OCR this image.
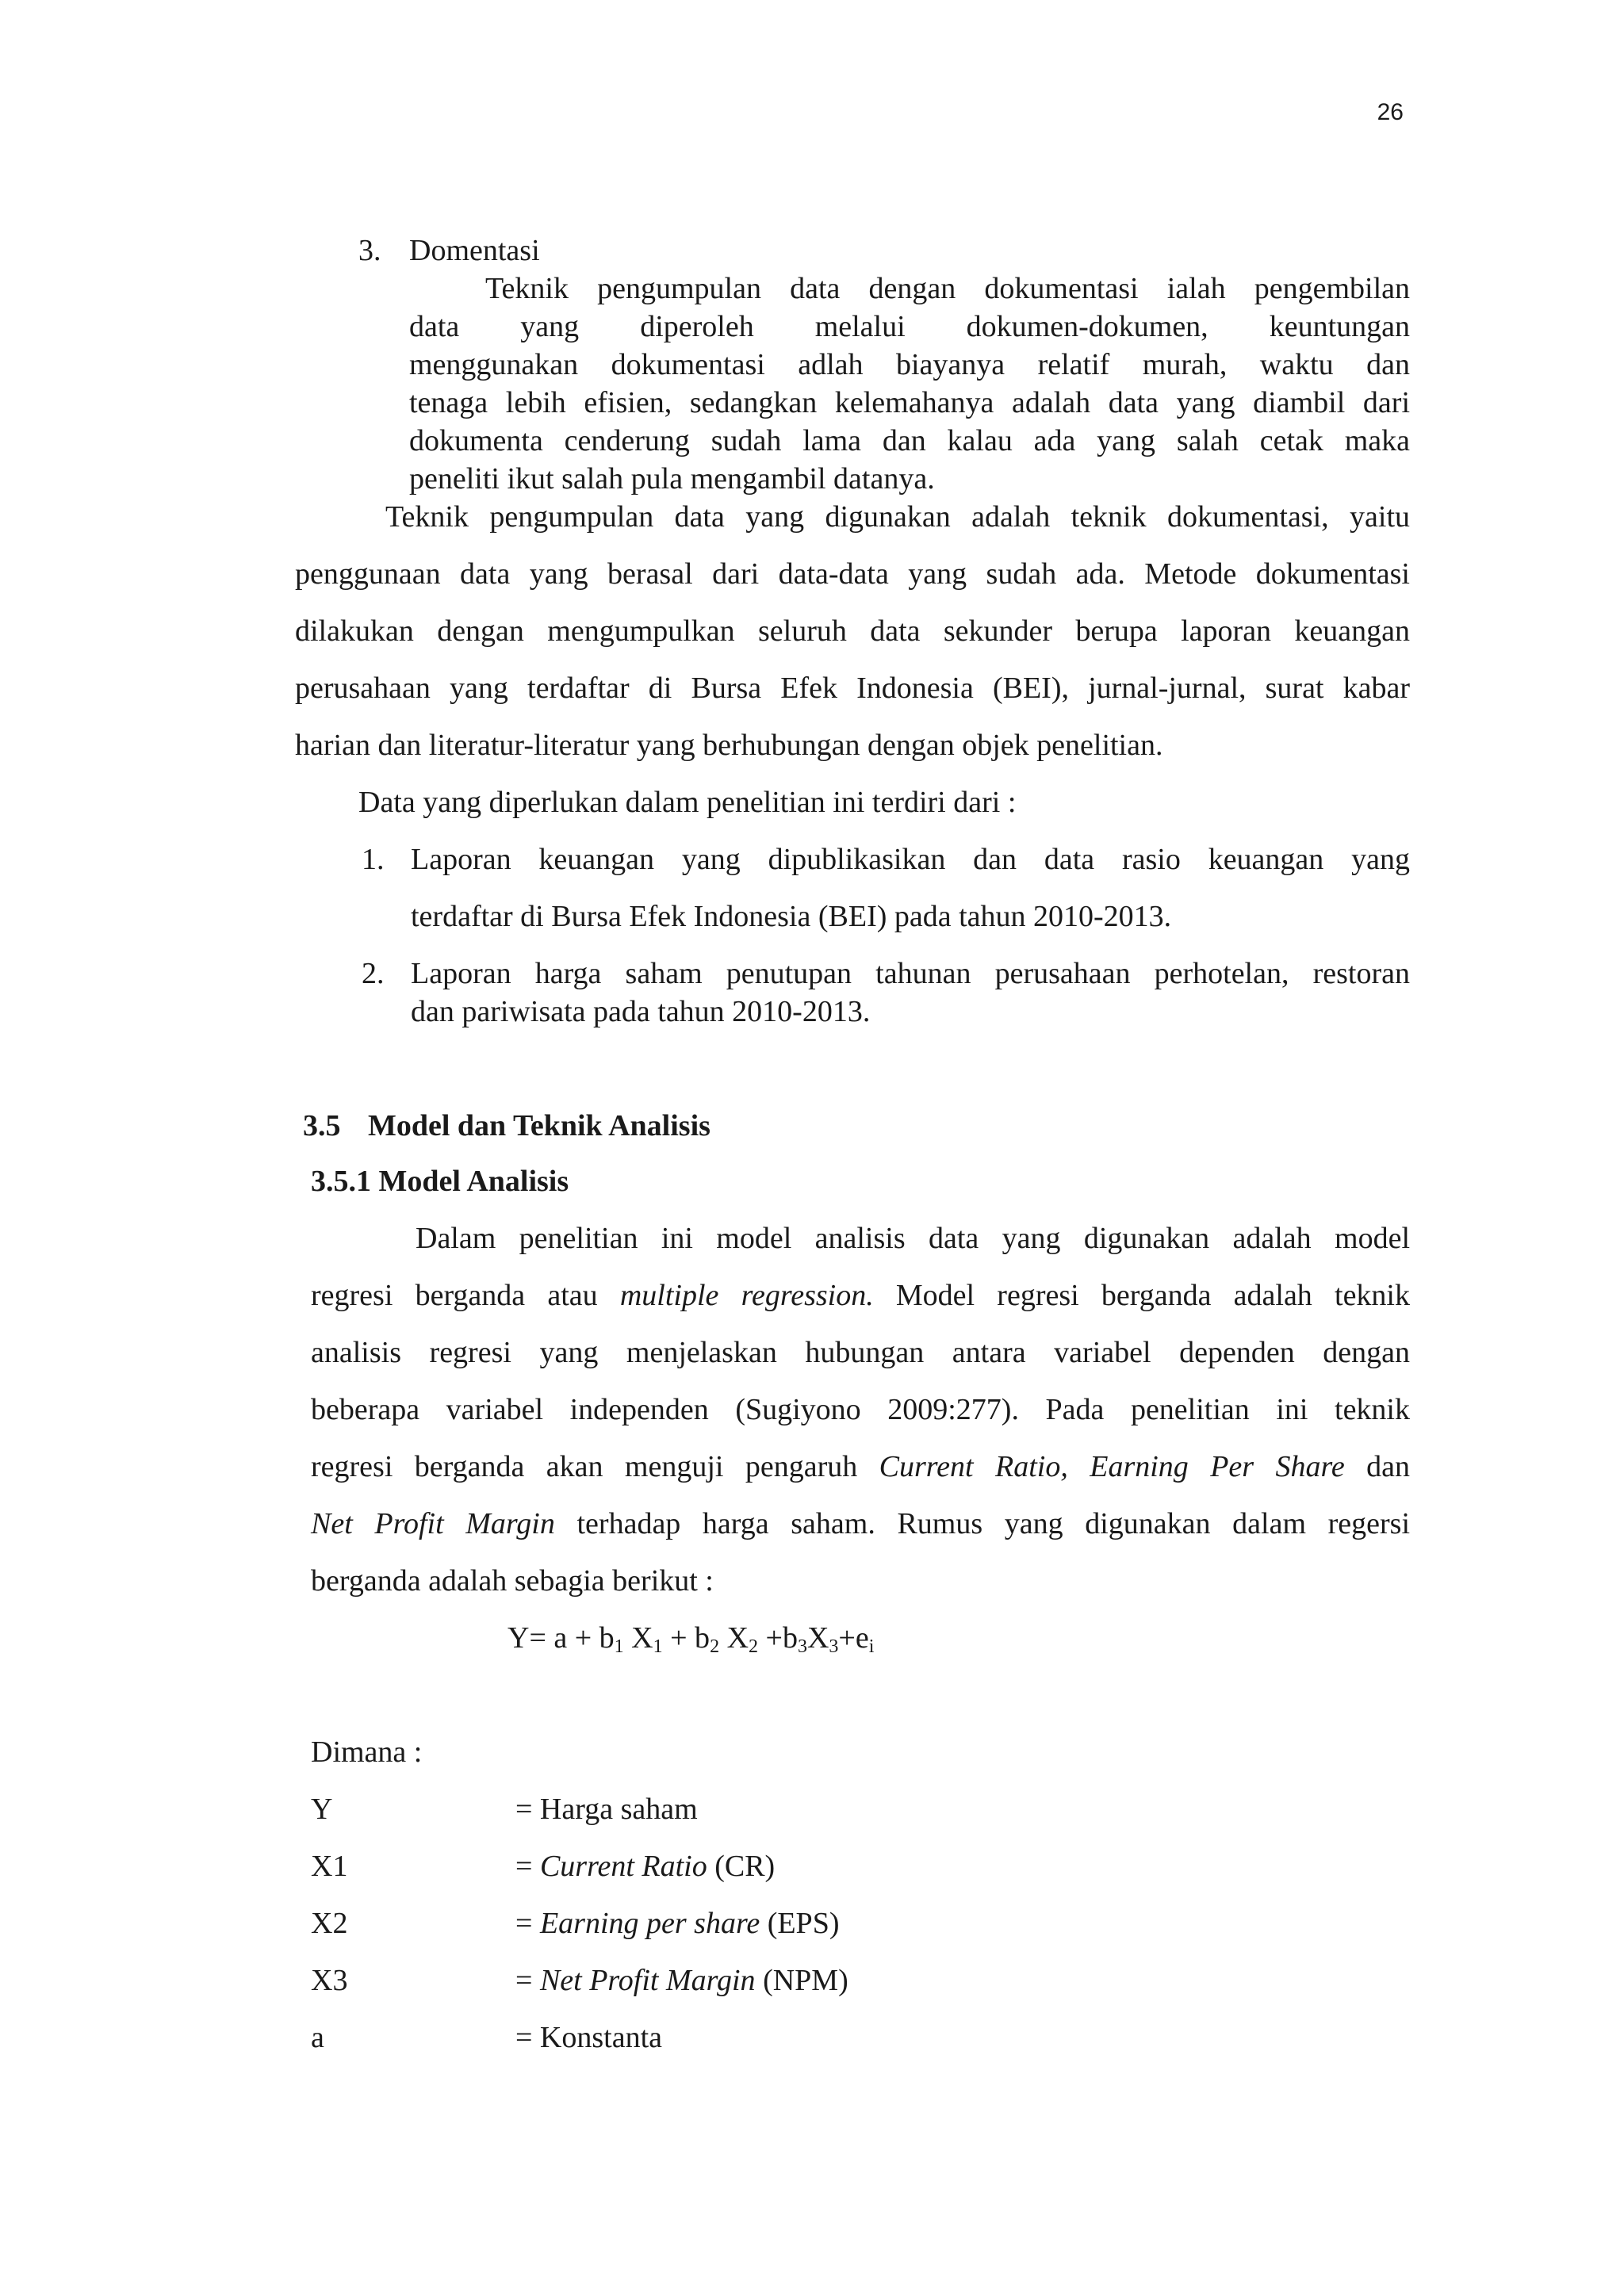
26
3. Domentasi
Teknik pengumpulan data dengan dokumentasi ialah pengembilan
data yang diperoleh melalui dokumen-dokumen, keuntungan
menggunakan dokumentasi adlah biayanya relatif murah, waktu dan
tenaga lebih efisien, sedangkan kelemahanya adalah data yang diambil dari
dokumenta cenderung sudah lama dan kalau ada yang salah cetak maka
peneliti ikut salah pula mengambil datanya.
Teknik pengumpulan data yang digunakan adalah teknik dokumentasi, yaitu
penggunaan data yang berasal dari data-data yang sudah ada. Metode dokumentasi
dilakukan dengan mengumpulkan seluruh data sekunder berupa laporan keuangan
perusahaan yang terdaftar di Bursa Efek Indonesia (BEI), jurnal-jurnal, surat kabar
harian dan literatur-literatur yang berhubungan dengan objek penelitian.
Data yang diperlukan dalam penelitian ini terdiri dari :
1. Laporan keuangan yang dipublikasikan dan data rasio keuangan yang
terdaftar di Bursa Efek Indonesia (BEI) pada tahun 2010-2013.
2. Laporan harga saham penutupan tahunan perusahaan perhotelan, restoran
dan pariwisata pada tahun 2010-2013.
3.5 Model dan Teknik Analisis
3.5.1 Model Analisis
Dalam penelitian ini model analisis data yang digunakan adalah model
regresi berganda atau multiple regression. Model regresi berganda adalah teknik
analisis regresi yang menjelaskan hubungan antara variabel dependen dengan
beberapa variabel independen (Sugiyono 2009:277). Pada penelitian ini teknik
regresi berganda akan menguji pengaruh Current Ratio, Earning Per Share dan
Net Profit Margin terhadap harga saham. Rumus yang digunakan dalam regersi
berganda adalah sebagia berikut :
$Y= a + b_1$ $X_1 + b_2$ $X_2 +b_3X_3+e_i$
Dimana :
Y	= Harga saham
X1	= Current Ratio (CR)
X2	= Earning per share (EPS)
X3	= Net Profit Margin (NPM)
a	= Konstanta
